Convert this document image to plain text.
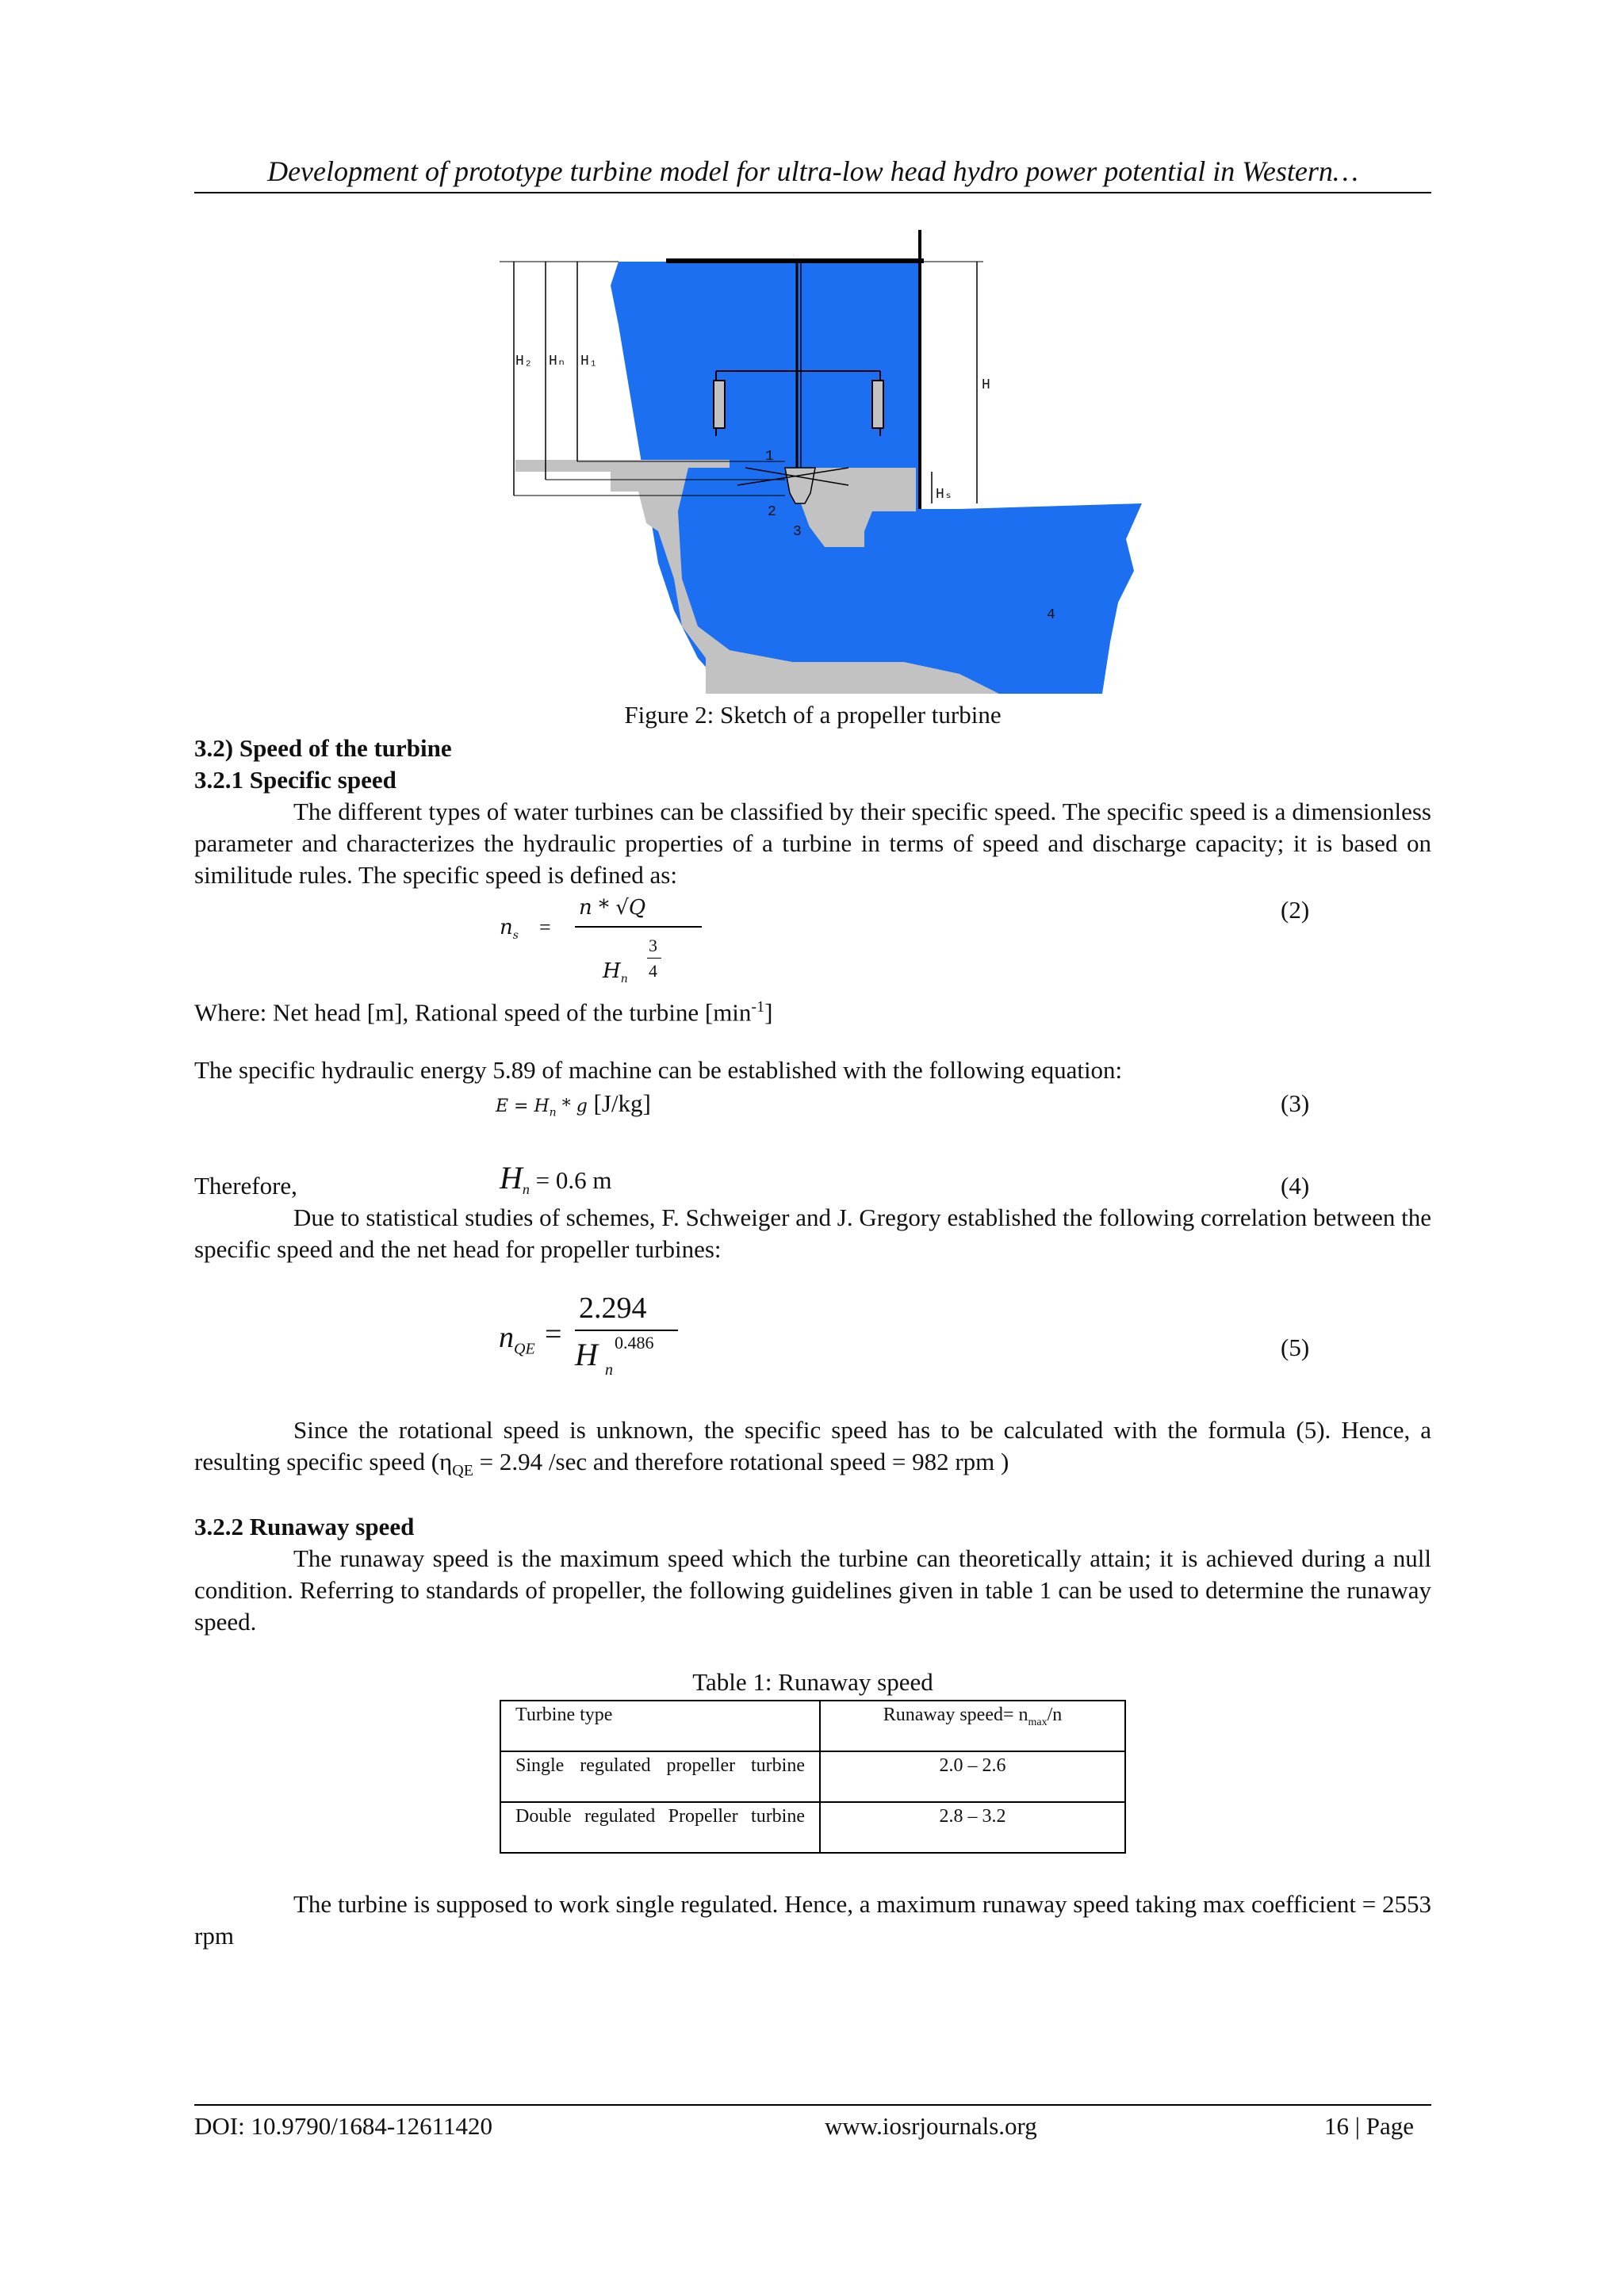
Development of prototype turbine model for ultra-low head hydro power potential in Western…
H₂ Hₙ H₁
H
Hₛ
1
2
3
4
Figure 2: Sketch of a propeller turbine
3.2) Speed of the turbine
3.2.1 Specific speed
The different types of water turbines can be classified by their specific speed. The specific speed is a dimensionless parameter and characterizes the hydraulic properties of a turbine in terms of speed and discharge capacity; it is based on similitude rules. The specific speed is defined as:
$n_s$ =
n * √Q
$H_n$
3
4
(2)
Where: Net head [m], Rational speed of the turbine $[\min^{-1}]$
The specific hydraulic energy 5.89 of machine can be established with the following equation:
$E = H_n * g$ [J/kg]	(3)
Therefore,	$H_n = 0.6$ m	(4)
Due to statistical studies of schemes, F. Schweiger and J. Gregory established the following correlation between the specific speed and the net head for propeller turbines:
$n_{QE}$ =
2.294
H n
0.486	(5)
Since the rotational speed is unknown, the specific speed has to be calculated with the formula (5). Hence, a resulting specific speed ($\eta_{QE} = 2.94$ /sec and therefore rotational speed = 982 rpm )
3.2.2 Runaway speed
The runaway speed is the maximum speed which the turbine can theoretically attain; it is achieved during a null condition. Referring to standards of propeller, the following guidelines given in table 1 can be used to determine the runaway speed.
Table 1: Runaway speed
Turbine type	Runaway speed= $n_{max}/n$
Single regulated propeller turbine	2.0 – 2.6
Double regulated Propeller turbine	2.8 – 3.2
The turbine is supposed to work single regulated. Hence, a maximum runaway speed taking max coefficient = 2553 rpm
DOI: 10.9790/1684-12611420	www.iosrjournals.org	16 | Page
